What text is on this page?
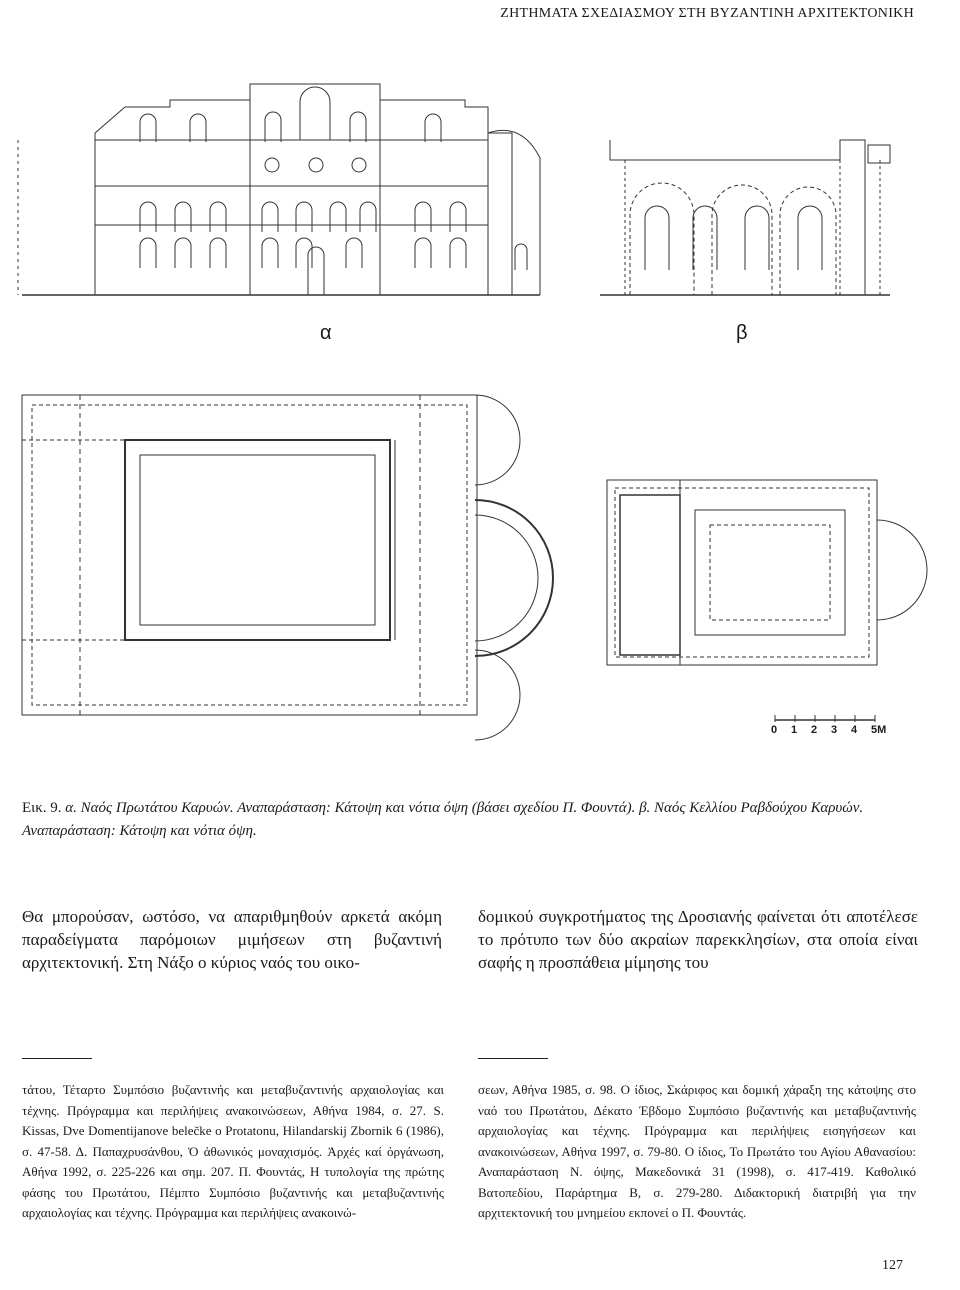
ΖΗΤΗΜΑΤΑ ΣΧΕΔΙΑΣΜΟΥ ΣΤΗ ΒΥΖΑΝΤΙΝΗ ΑΡΧΙΤΕΚΤΟΝΙΚΗ
α	β
0 1 2 3 4 5M
Εικ. 9. α. Ναός Πρωτάτου Καρυών. Αναπαράσταση: Κάτοψη και νότια όψη (βάσει σχεδίου Π. Φουντά). β. Ναός Κελλίου Ραβδούχου Καρυών. Αναπαράσταση: Κάτοψη και νότια όψη.
Θα μπορούσαν, ωστόσο, να απαριθμηθούν αρκετά ακόμη παραδείγματα παρόμοιων μιμήσεων στη βυζαντινή αρχιτεκτονική. Στη Νάξο ο κύριος ναός του οικο-
δομικού συγκροτήματος της Δροσιανής φαίνεται ότι αποτέλεσε το πρότυπο των δύο ακραίων παρεκκλησίων, στα οποία είναι σαφής η προσπάθεια μίμησης του
τάτου, Τέταρτο Συμπόσιο βυζαντινής και μεταβυζαντινής αρχαιολογίας και τέχνης. Πρόγραμμα και περιλήψεις ανακοινώσεων, Αθήνα 1984, σ. 27. S. Kissas, Dve Domentijanove belečke o Protatonu, Hilandarskij Zbornik 6 (1986), σ. 47-58. Δ. Παπαχρυσάνθου, Ὁ ἀθωνικός μοναχισμός. Ἀρχές καί ὀργάνωση, Αθήνα 1992, σ. 225-226 και σημ. 207. Π. Φουντάς, Η τυπολογία της πρώτης φάσης του Πρωτάτου, Πέμπτο Συμπόσιο βυζαντινής και μεταβυζαντινής αρχαιολογίας και τέχνης. Πρόγραμμα και περιλήψεις ανακοινώ-
σεων, Αθήνα 1985, σ. 98. Ο ίδιος, Σκάριφος και δομική χάραξη της κάτοψης στο ναό του Πρωτάτου, Δέκατο Έβδομο Συμπόσιο βυζαντινής και μεταβυζαντινής αρχαιολογίας και τέχνης. Πρόγραμμα και περιλήψεις εισηγήσεων και ανακοινώσεων, Αθήνα 1997, σ. 79-80. Ο ίδιος, Το Πρωτάτο του Αγίου Αθανασίου: Αναπαράσταση Ν. όψης, Μακεδονικά 31 (1998), σ. 417-419. Καθολικό Βατοπεδίου, Παράρτημα Β, σ. 279-280. Διδακτορική διατριβή για την αρχιτεκτονική του μνημείου εκπονεί ο Π. Φουντάς.
127
